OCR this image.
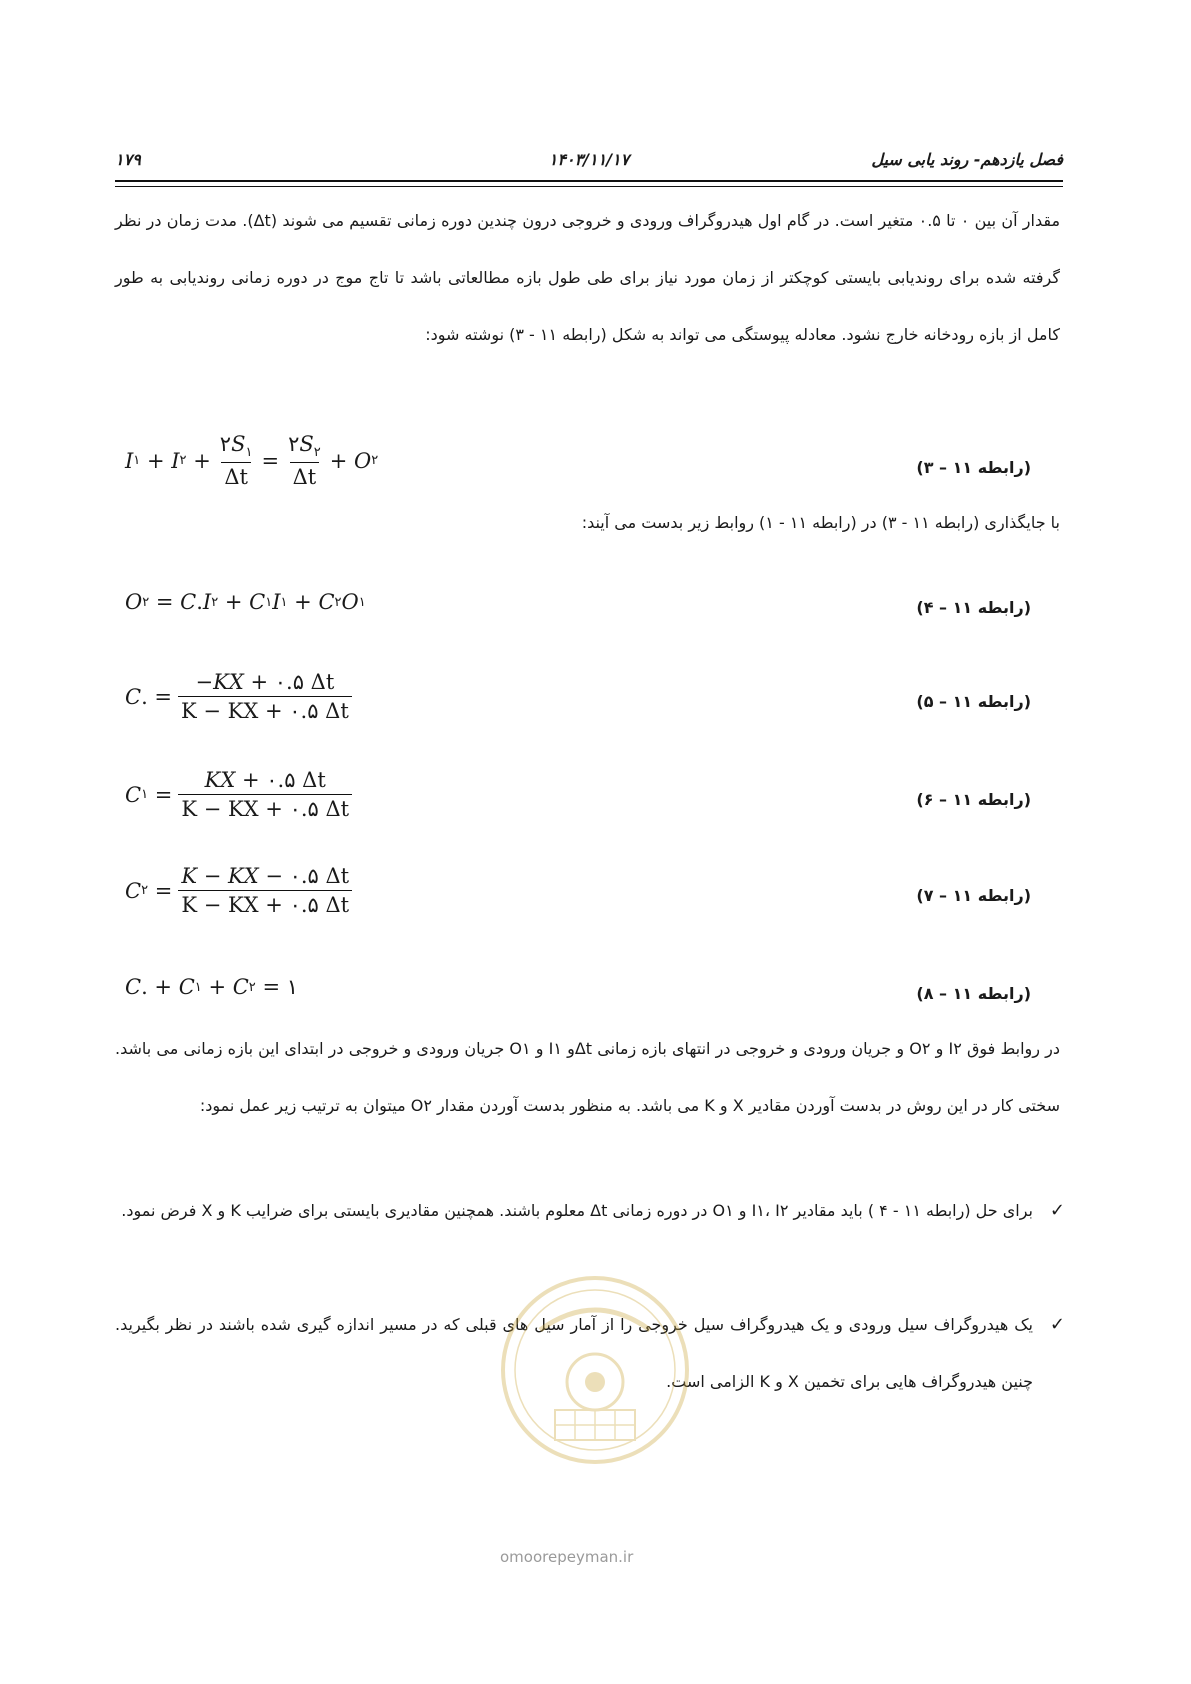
فصل یازدهم- روند یابی سیل
۱۴۰۳/۱۱/۱۷
۱۷۹
مقدار آن بین ۰ تا ۰.۵ متغیر است. در گام اول هیدروگراف ورودی و خروجی درون چندین دوره زمانی تقسیم می شوند (Δt). مدت زمان در نظر گرفته شده برای روندیابی بایستی کوچکتر از زمان مورد نیاز برای طی طول بازه مطالعاتی باشد تا تاج موج در دوره زمانی روندیابی به طور کامل از بازه رودخانه خارج نشود. معادله پیوستگی می تواند به شکل (رابطه ۱۱ - ۳) نوشته شود:
I ۱ + I ۲ + $\frac{۲S_۱}{\Delta t} = \frac{۲S_۲}{\Delta t} + O$ ۲	(رابطه ۱۱ – ۳)
با جایگذاری (رابطه ۱۱ - ۳) در (رابطه ۱۱ - ۱) روابط زیر بدست می آیند:
O ۲ = C . I ۲ + C ۱ I ۱ + C ۲ O ۱	(رابطه ۱۱ – ۴)
C . = $\frac{-KX + ۰.۵ \Delta t}{K - KX + ۰.۵ \Delta t}$	(رابطه ۱۱ – ۵)
C ۱ = $\frac{KX + ۰.۵ \Delta t}{K - KX + ۰.۵ \Delta t}$	(رابطه ۱۱ – ۶)
C ۲ = $\frac{K - KX - ۰.۵ \Delta t}{K - KX + ۰.۵ \Delta t}$	(رابطه ۱۱ – ۷)
C . + C ۱ + C ۲ = ۱	(رابطه ۱۱ – ۸)
در روابط فوق I۲ و O۲ و جریان ورودی و خروجی در انتهای بازه زمانی Δtو I۱ و O۱ جریان ورودی و خروجی در ابتدای این بازه زمانی می باشد. سختی کار در این روش در بدست آوردن مقادیر X و K می باشد. به منظور بدست آوردن مقدار O۲ میتوان به ترتیب زیر عمل نمود:
✓
برای حل (رابطه ۱۱ - ۴ ) باید مقادیر I۱، I۲ و O۱ در دوره زمانی Δt معلوم باشند. همچنین مقادیری بایستی برای ضرایب K و X فرض نمود.
✓
یک هیدروگراف سیل ورودی و یک هیدروگراف سیل خروجی را از آمار سیل های قبلی که در مسیر اندازه گیری شده باشند در نظر بگیرید. چنین هیدروگراف هایی برای تخمین X و K الزامی است.
omoorepeyman.ir
